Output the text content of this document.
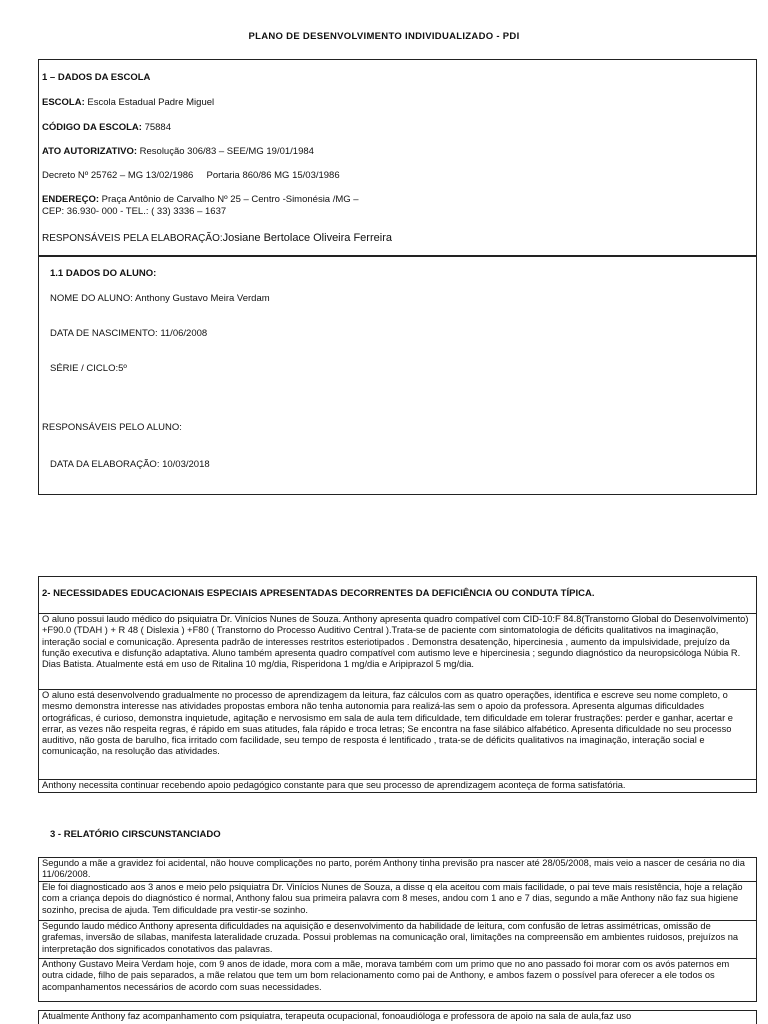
PLANO DE DESENVOLVIMENTO INDIVIDUALIZADO - PDI
1 – DADOS DA ESCOLA
ESCOLA: Escola Estadual Padre Miguel
CÓDIGO DA ESCOLA: 75884
ATO AUTORIZATIVO: Resolução 306/83 – SEE/MG 19/01/1984
Decreto Nº 25762 – MG 13/02/1986     Portaria 860/86 MG 15/03/1986
ENDEREÇO: Praça Antônio de Carvalho Nº 25 – Centro -Simonésia /MG –
CEP: 36.930- 000 - TEL.: ( 33) 3336 – 1637
RESPONSÁVEIS PELA ELABORAÇÃO:Josiane Bertolace Oliveira Ferreira
1.1 DADOS DO ALUNO:
NOME DO ALUNO: Anthony Gustavo Meira Verdam
DATA DE NASCIMENTO: 11/06/2008
SÉRIE / CICLO:5º
RESPONSÁVEIS PELO ALUNO:
DATA DA ELABORAÇÃO: 10/03/2018
2- NECESSIDADES EDUCACIONAIS ESPECIAIS APRESENTADAS DECORRENTES DA DEFICIÊNCIA OU CONDUTA TÍPICA.
O aluno possui laudo médico do psiquiatra Dr. Vinícios Nunes de Souza. Anthony apresenta quadro compatível com CID-10:F 84.8(Transtorno Global do Desenvolvimento) +F90.0 (TDAH ) + R 48 ( Dislexia ) +F80 ( Transtorno do Processo Auditivo Central ).Trata-se de paciente com sintomatologia de déficits qualitativos na imaginação, interação social e comunicação. Apresenta padrão de interesses restritos esteriotipados . Demonstra desatenção, hipercinesia , aumento da impulsividade, prejuízo da função executiva e disfunção adaptativa. Aluno também apresenta quadro compatível com autismo leve e hipercinesia ; segundo diagnóstico da neuropsicóloga Núbia R. Dias Batista. Atualmente está em uso de Ritalina 10 mg/dia, Risperidona 1 mg/dia e Aripiprazol 5 mg/dia.
O aluno está desenvolvendo gradualmente no processo de aprendizagem da leitura, faz cálculos com as quatro operações, identifica e escreve seu nome completo, o mesmo demonstra interesse nas atividades propostas embora não tenha autonomia para realizá-las sem o apoio da professora. Apresenta algumas dificuldades ortográficas, é curioso, demonstra inquietude, agitação e nervosismo em sala de aula tem dificuldade, tem dificuldade em tolerar frustrações: perder e ganhar, acertar e errar, as vezes não respeita regras, é rápido em suas atitudes, fala rápido e troca letras; Se encontra na fase silábico alfabético. Apresenta dificuldade no seu processo auditivo, não gosta de barulho, fica irritado com facilidade, seu tempo de resposta é lentificado , trata-se de déficits qualitativos na imaginação, interação social e comunicação, na resolução das atividades.
Anthony necessita continuar recebendo apoio pedagógico constante para que seu processo de aprendizagem aconteça de forma satisfatória.
3 - RELATÓRIO CIRSCUNSTANCIADO
Segundo a mãe a gravidez foi acidental, não houve complicações no parto, porém Anthony tinha previsão pra nascer até 28/05/2008, mais veio a nascer de cesária no dia 11/06/2008.
Ele foi diagnosticado aos 3 anos e meio pelo psiquiatra Dr. Vinícios Nunes de Souza, a disse q ela aceitou com mais facilidade, o pai teve mais resistência, hoje a relação com a criança depois do diagnóstico é normal, Anthony falou sua primeira palavra com 8 meses, andou com 1 ano e 7 dias, segundo a mãe Anthony não faz sua higiene sozinho, precisa de ajuda. Tem dificuldade pra vestir-se sozinho.
Segundo laudo médico Anthony apresenta dificuldades na aquisição e desenvolvimento da habilidade de leitura, com confusão de letras assimétricas, omissão de grafemas, inversão de sílabas, manifesta lateralidade cruzada. Possui problemas na comunicação oral, limitações na compreensão em ambientes ruidosos, prejuízos na interpretação dos significados conotativos das palavras.
Anthony Gustavo Meira Verdam hoje, com 9 anos de idade, mora com a mãe, morava também com um primo que no ano passado foi morar com os avós paternos em outra cidade, filho de pais separados, a mãe relatou que tem um bom relacionamento como pai de Anthony, e ambos fazem o possível para oferecer a ele todos os acompanhamentos necessários de acordo com suas necessidades.
Atualmente Anthony faz acompanhamento com psiquiatra, terapeuta ocupacional, fonoaudióloga e professora de apoio na sala de aula,faz uso
